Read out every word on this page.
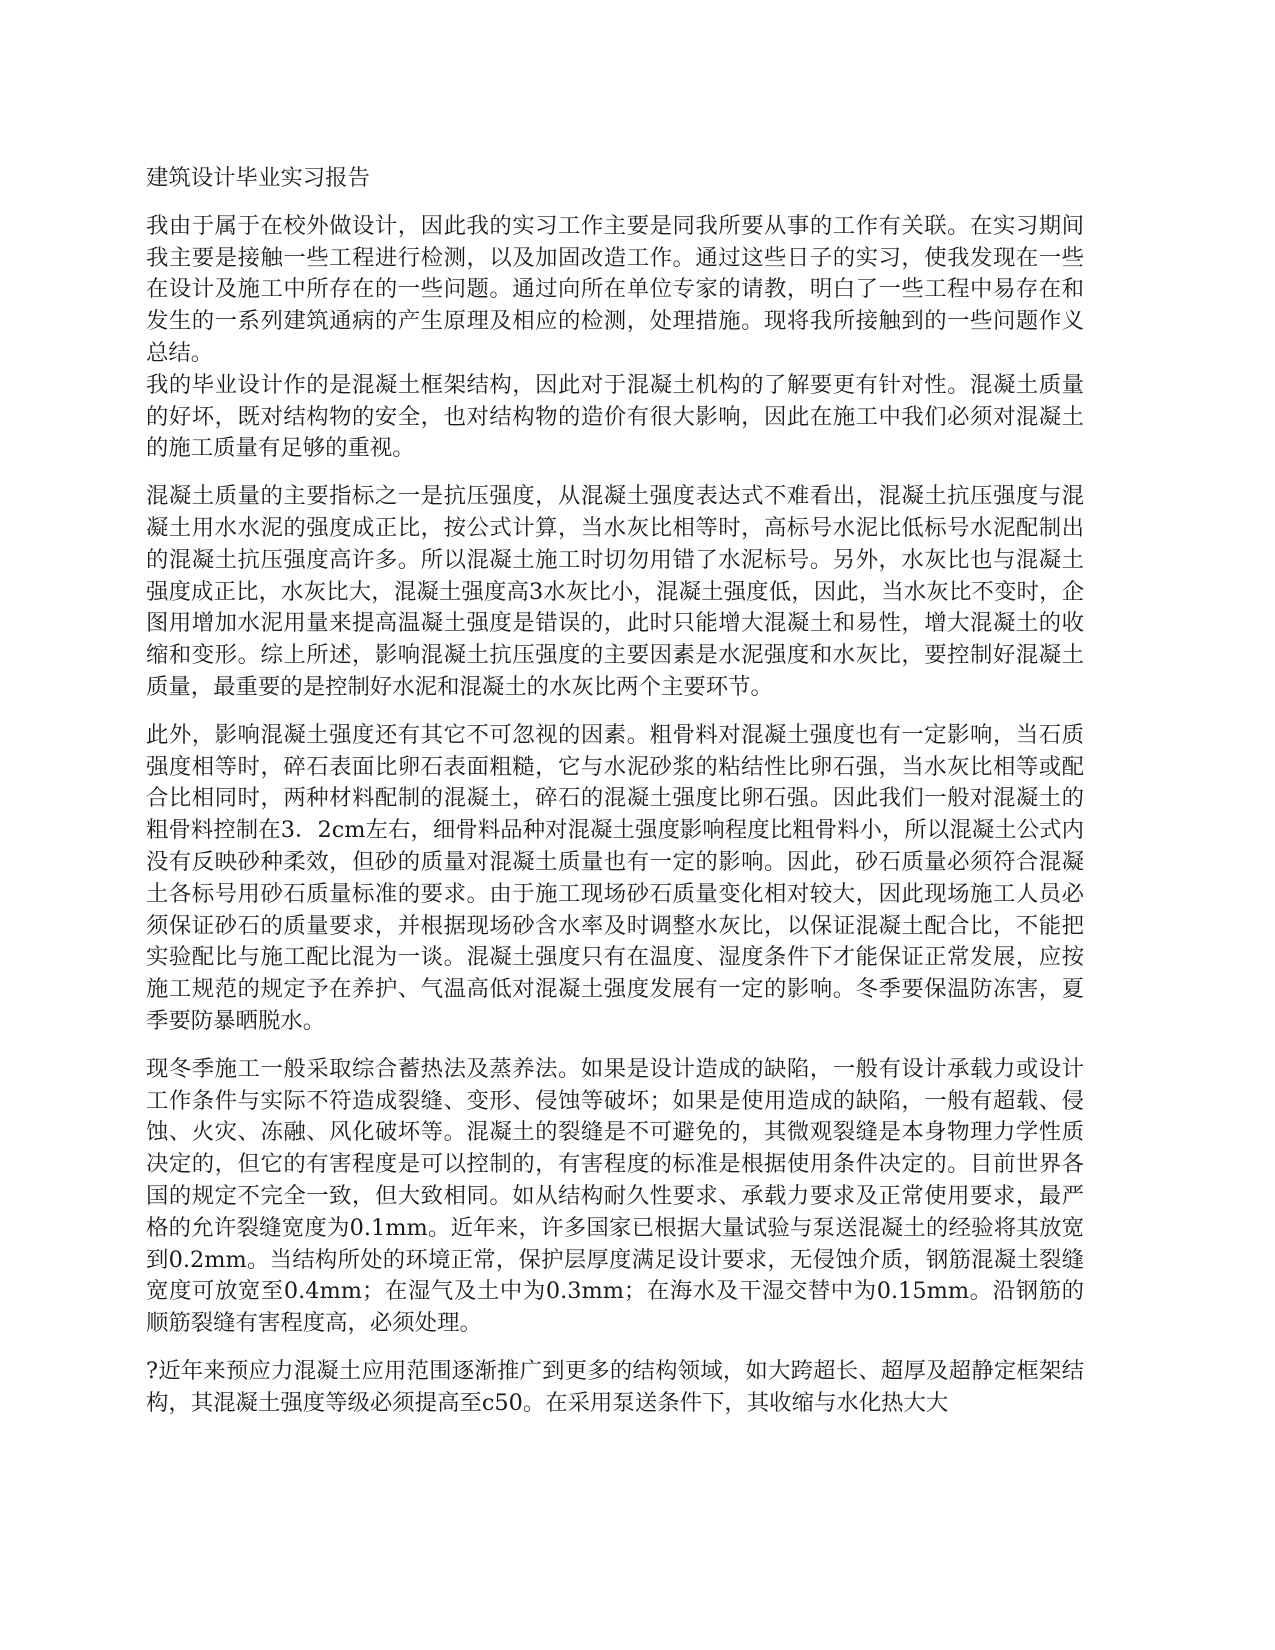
建筑设计毕业实习报告

我由于属于在校外做设计，因此我的实习工作主要是同我所要从事的工作有关联。在实习期间我主要是接触一些工程进行检测，以及加固改造工作。通过这些日子的实习，使我发现在一些在设计及施工中所存在的一些问题。通过向所在单位专家的请教，明白了一些工程中易存在和发生的一系列建筑通病的产生原理及相应的检测，处理措施。现将我所接触到的一些问题作义总结。

我的毕业设计作的是混凝土框架结构，因此对于混凝土机构的了解要更有针对性。混凝土质量的好坏，既对结构物的安全，也对结构物的造价有很大影响，因此在施工中我们必须对混凝土的施工质量有足够的重视。

混凝土质量的主要指标之一是抗压强度，从混凝土强度表达式不难看出，混凝土抗压强度与混凝土用水水泥的强度成正比，按公式计算，当水灰比相等时，高标号水泥比低标号水泥配制出的混凝土抗压强度高许多。所以混凝土施工时切勿用错了水泥标号。另外，水灰比也与混凝土强度成正比，水灰比大，混凝土强度高3水灰比小，混凝土强度低，因此，当水灰比不变时，企图用增加水泥用量来提高温凝土强度是错误的，此时只能增大混凝土和易性，增大混凝土的收缩和变形。综上所述，影响混凝土抗压强度的主要因素是水泥强度和水灰比，要控制好混凝土质量，最重要的是控制好水泥和混凝土的水灰比两个主要环节。

此外，影响混凝土强度还有其它不可忽视的因素。粗骨料对混凝土强度也有一定影响，当石质强度相等时，碎石表面比卵石表面粗糙，它与水泥砂浆的粘结性比卵石强，当水灰比相等或配合比相同时，两种材料配制的混凝土，碎石的混凝土强度比卵石强。因此我们一般对混凝土的粗骨料控制在3．2cm左右，细骨料品种对混凝土强度影响程度比粗骨料小，所以混凝土公式内没有反映砂种柔效，但砂的质量对混凝土质量也有一定的影响。因此，砂石质量必须符合混凝土各标号用砂石质量标准的要求。由于施工现场砂石质量变化相对较大，因此现场施工人员必须保证砂石的质量要求，并根据现场砂含水率及时调整水灰比，以保证混凝土配合比，不能把实验配比与施工配比混为一谈。混凝土强度只有在温度、湿度条件下才能保证正常发展，应按施工规范的规定予在养护、气温高低对混凝土强度发展有一定的影响。冬季要保温防冻害，夏季要防暴晒脱水。

现冬季施工一般采取综合蓄热法及蒸养法。如果是设计造成的缺陷，一般有设计承载力或设计工作条件与实际不符造成裂缝、变形、侵蚀等破坏；如果是使用造成的缺陷，一般有超载、侵蚀、火灾、冻融、风化破坏等。混凝土的裂缝是不可避免的，其微观裂缝是本身物理力学性质决定的，但它的有害程度是可以控制的，有害程度的标准是根据使用条件决定的。目前世界各国的规定不完全一致，但大致相同。如从结构耐久性要求、承载力要求及正常使用要求，最严格的允许裂缝宽度为0.1mm。近年来，许多国家已根据大量试验与泵送混凝土的经验将其放宽到0.2mm。当结构所处的环境正常，保护层厚度满足设计要求，无侵蚀介质，钢筋混凝土裂缝宽度可放宽至0.4mm；在湿气及土中为0.3mm；在海水及干湿交替中为0.15mm。沿钢筋的顺筋裂缝有害程度高，必须处理。

?近年来预应力混凝土应用范围逐渐推广到更多的结构领域，如大跨超长、超厚及超静定框架结构，其混凝土强度等级必须提高至c50。在采用泵送条件下，其收缩与水化热大大
